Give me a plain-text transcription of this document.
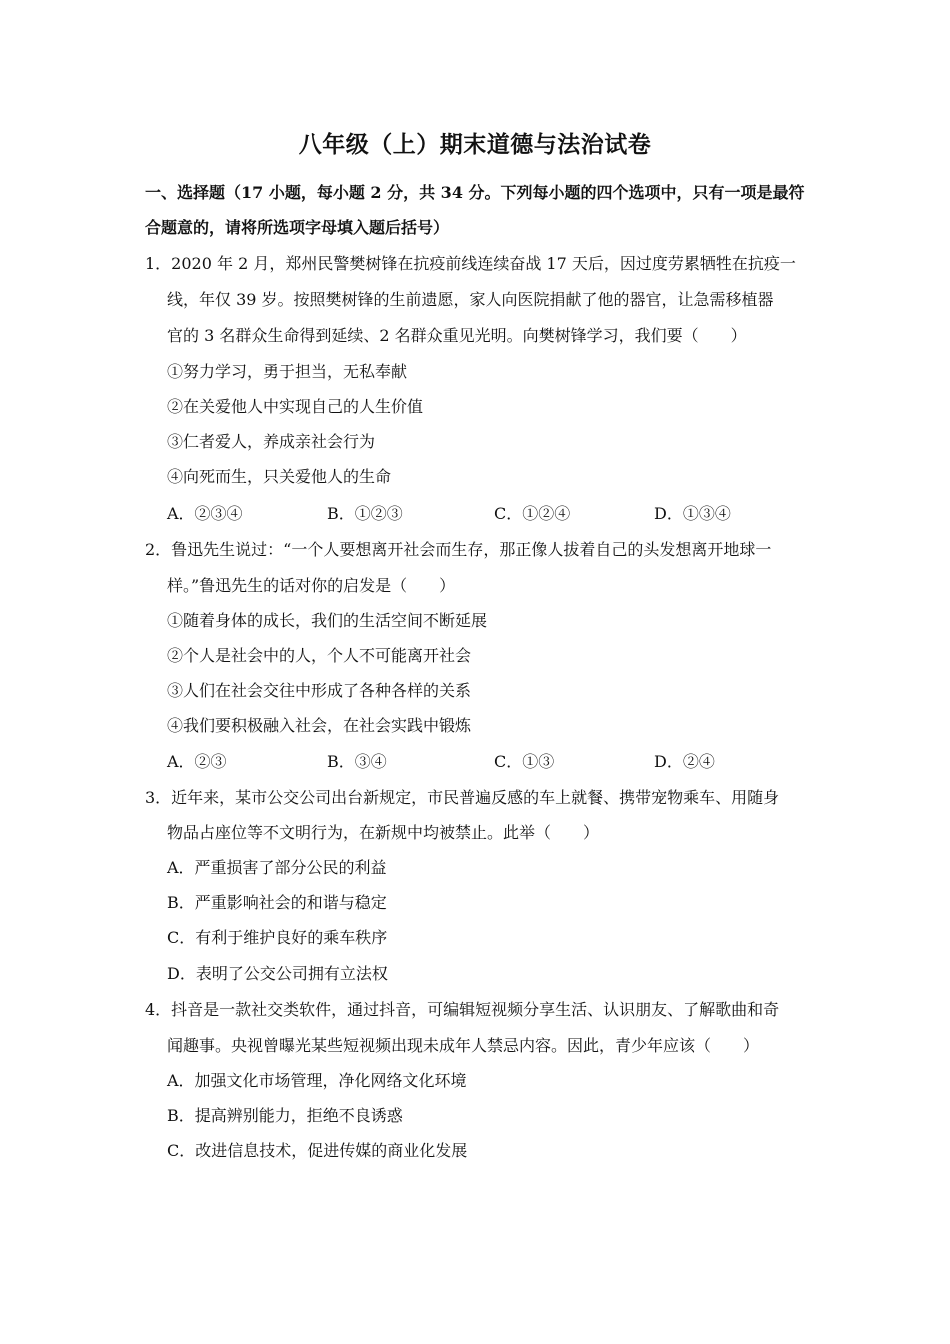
八年级（上）期末道德与法治试卷
一、选择题（17 小题，每小题 2 分，共 34 分。下列每小题的四个选项中，只有一项是最符
合题意的，请将所选项字母填入题后括号）
1．2020 年 2 月，郑州民警樊树锋在抗疫前线连续奋战 17 天后，因过度劳累牺牲在抗疫一
线，年仅 39 岁。按照樊树锋的生前遗愿，家人向医院捐献了他的器官，让急需移植器
官的 3 名群众生命得到延续、2 名群众重见光明。向樊树锋学习，我们要（　　）
①努力学习，勇于担当，无私奉献
②在关爱他人中实现自己的人生价值
③仁者爱人，养成亲社会行为
④向死而生，只关爱他人的生命
A．②③④	B．①②③	C．①②④	D．①③④
2．鲁迅先生说过：“一个人要想离开社会而生存，那正像人拔着自己的头发想离开地球一
样。”鲁迅先生的话对你的启发是（　　）
①随着身体的成长，我们的生活空间不断延展
②个人是社会中的人，个人不可能离开社会
③人们在社会交往中形成了各种各样的关系
④我们要积极融入社会，在社会实践中锻炼
A．②③	B．③④	C．①③	D．②④
3．近年来，某市公交公司出台新规定，市民普遍反感的车上就餐、携带宠物乘车、用随身
物品占座位等不文明行为，在新规中均被禁止。此举（　　）
A．严重损害了部分公民的利益
B．严重影响社会的和谐与稳定
C．有利于维护良好的乘车秩序
D．表明了公交公司拥有立法权
4．抖音是一款社交类软件，通过抖音，可编辑短视频分享生活、认识朋友、了解歌曲和奇
闻趣事。央视曾曝光某些短视频出现未成年人禁忌内容。因此，青少年应该（　　）
A．加强文化市场管理，净化网络文化环境
B．提高辨别能力，拒绝不良诱惑
C．改进信息技术，促进传媒的商业化发展
